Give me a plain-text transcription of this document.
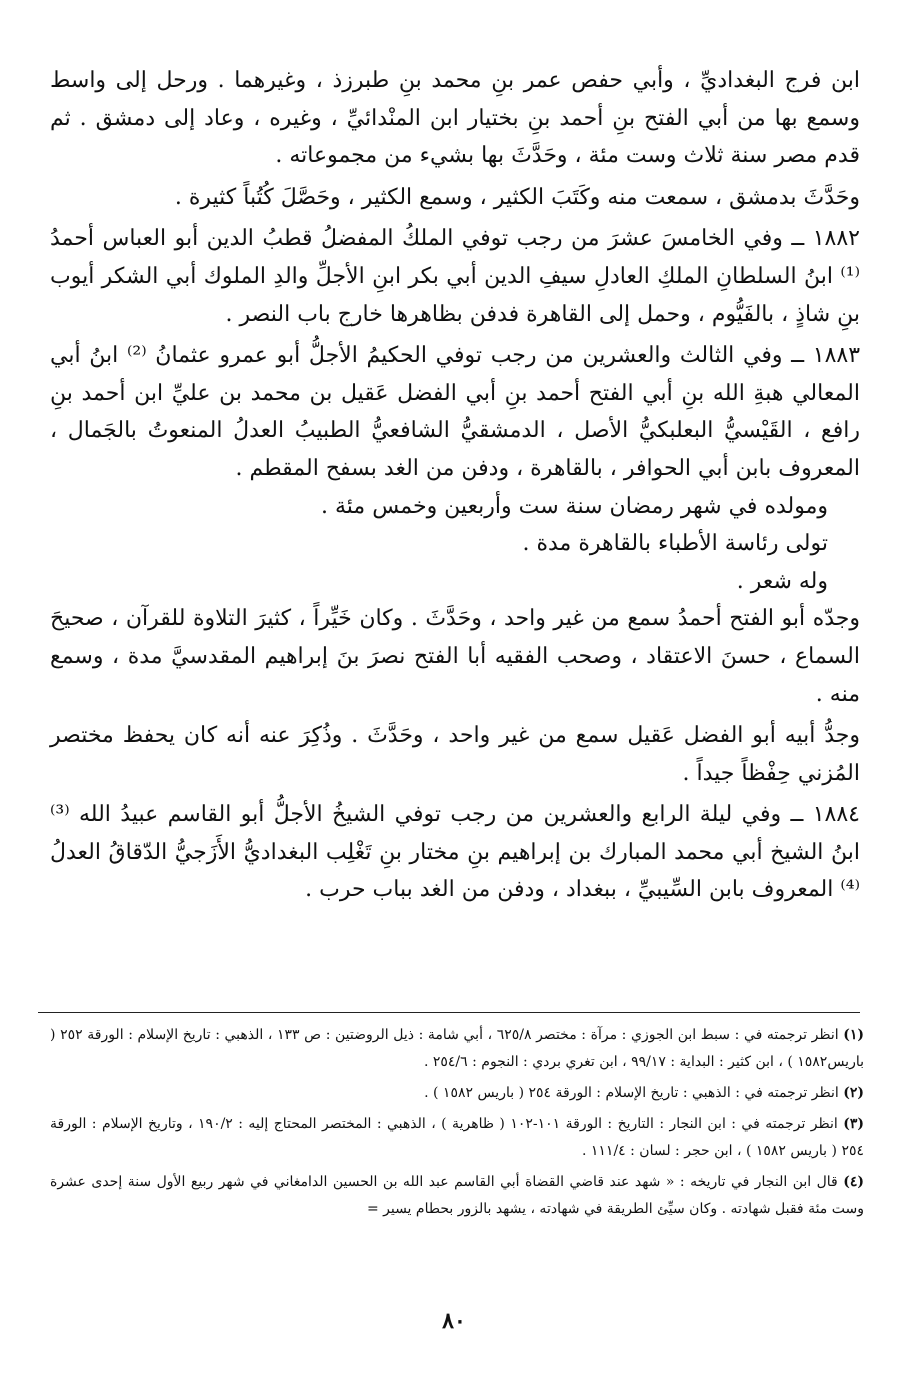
ابن فرج البغداديِّ ، وأبي حفص عمر بنِ محمد بنِ طبرزذ ، وغيرهما . ورحل إلى واسط وسمع بها من أبي الفتح بنِ أحمد بنِ بختيار ابن المنْدائيِّ ، وغيره ، وعاد إلى دمشق . ثم قدم مصر سنة ثلاث وست مئة ، وحَدَّثَ بها بشيء من مجموعاته .

وحَدَّثَ بدمشق ، سمعت منه وكَتَبَ الكثير ، وسمع الكثير ، وحَصَّلَ كُتُباً كثيرة .

١٨٨٢ ــ وفي الخامسَ عشرَ من رجب توفي الملكُ المفضلُ قطبُ الدين أبو العباس أحمدُ ⁽¹⁾ ابنُ السلطانِ الملكِ العادلِ سيفِ الدين أبي بكر ابنِ الأجلِّ والدِ الملوك أبي الشكر أيوب بنِ شاذٍ ، بالفَيُّوم ، وحمل إلى القاهرة فدفن بظاهرها خارج باب النصر .

١٨٨٣ ــ وفي الثالث والعشرين من رجب توفي الحكيمُ الأجلُّ أبو عمرو عثمانُ ⁽²⁾ ابنُ أبي المعالي هبةِ الله بنِ أبي الفتح أحمد بنِ أبي الفضل عَقيل بن محمد بن عليِّ ابن أحمد بنِ رافع ، القَيْسيُّ البعلبكيُّ الأصل ، الدمشقيُّ الشافعيُّ الطبيبُ العدلُ المنعوتُ بالجَمال ، المعروف بابن أبي الحوافر ، بالقاهرة ، ودفن من الغد بسفح المقطم .

ومولده في شهر رمضان سنة ست وأربعين وخمس مئة .

تولى رئاسة الأطباء بالقاهرة مدة .

وله شعر .

وجدّه أبو الفتح أحمدُ سمع من غير واحد ، وحَدَّثَ . وكان خَيِّراً ، كثيرَ التلاوة للقرآن ، صحيحَ السماع ، حسنَ الاعتقاد ، وصحب الفقيه أبا الفتح نصرَ بنَ إبراهيم المقدسيَّ مدة ، وسمع منه .

وجدُّ أبيه أبو الفضل عَقيل سمع من غير واحد ، وحَدَّثَ . وذُكِرَ عنه أنه كان يحفظ مختصر المُزني حِفْظاً جيداً .

١٨٨٤ ــ وفي ليلة الرابع والعشرين من رجب توفي الشيخُ الأجلُّ أبو القاسم عبيدُ الله ⁽³⁾ ابنُ الشيخ أبي محمد المبارك بن إبراهيم بنِ مختار بنِ تَغْلِب البغداديُّ الأَزَجيُّ الدّقاقُ العدلُ ⁽⁴⁾ المعروف بابن السِّيبيِّ ، ببغداد ، ودفن من الغد بباب حرب .

(١) انظر ترجمته في : سبط ابن الجوزي : مرآة : مختصر ٦٢٥/٨ ، أبي شامة : ذيل الروضتين : ص ١٣٣ ، الذهبي : تاريخ الإسلام : الورقة ٢٥٢ ( باريس١٥٨٢ ) ، ابن كثير : البداية : ٩٩/١٧ ، ابن تغري بردي : النجوم : ٢٥٤/٦ .

(٢) انظر ترجمته في : الذهبي : تاريخ الإسلام : الورقة ٢٥٤ ( باريس ١٥٨٢ ) .

(٣) انظر ترجمته في : ابن النجار : التاريخ : الورقة ١٠١-١٠٢ ( ظاهرية ) ، الذهبي : المختصر المحتاج إليه : ١٩٠/٢ ، وتاريخ الإسلام : الورقة ٢٥٤ ( باريس ١٥٨٢ ) ، ابن حجر : لسان : ١١١/٤ .

(٤) قال ابن النجار في تاريخه : « شهد عند قاضي القضاة أبي القاسم عبد الله بن الحسين الدامغاني في شهر ربيع الأول سنة إحدى عشرة وست مئة فقبل شهادته . وكان سيِّئ الطريقة في شهادته ، يشهد بالزور بحطام يسير =

٨٠
